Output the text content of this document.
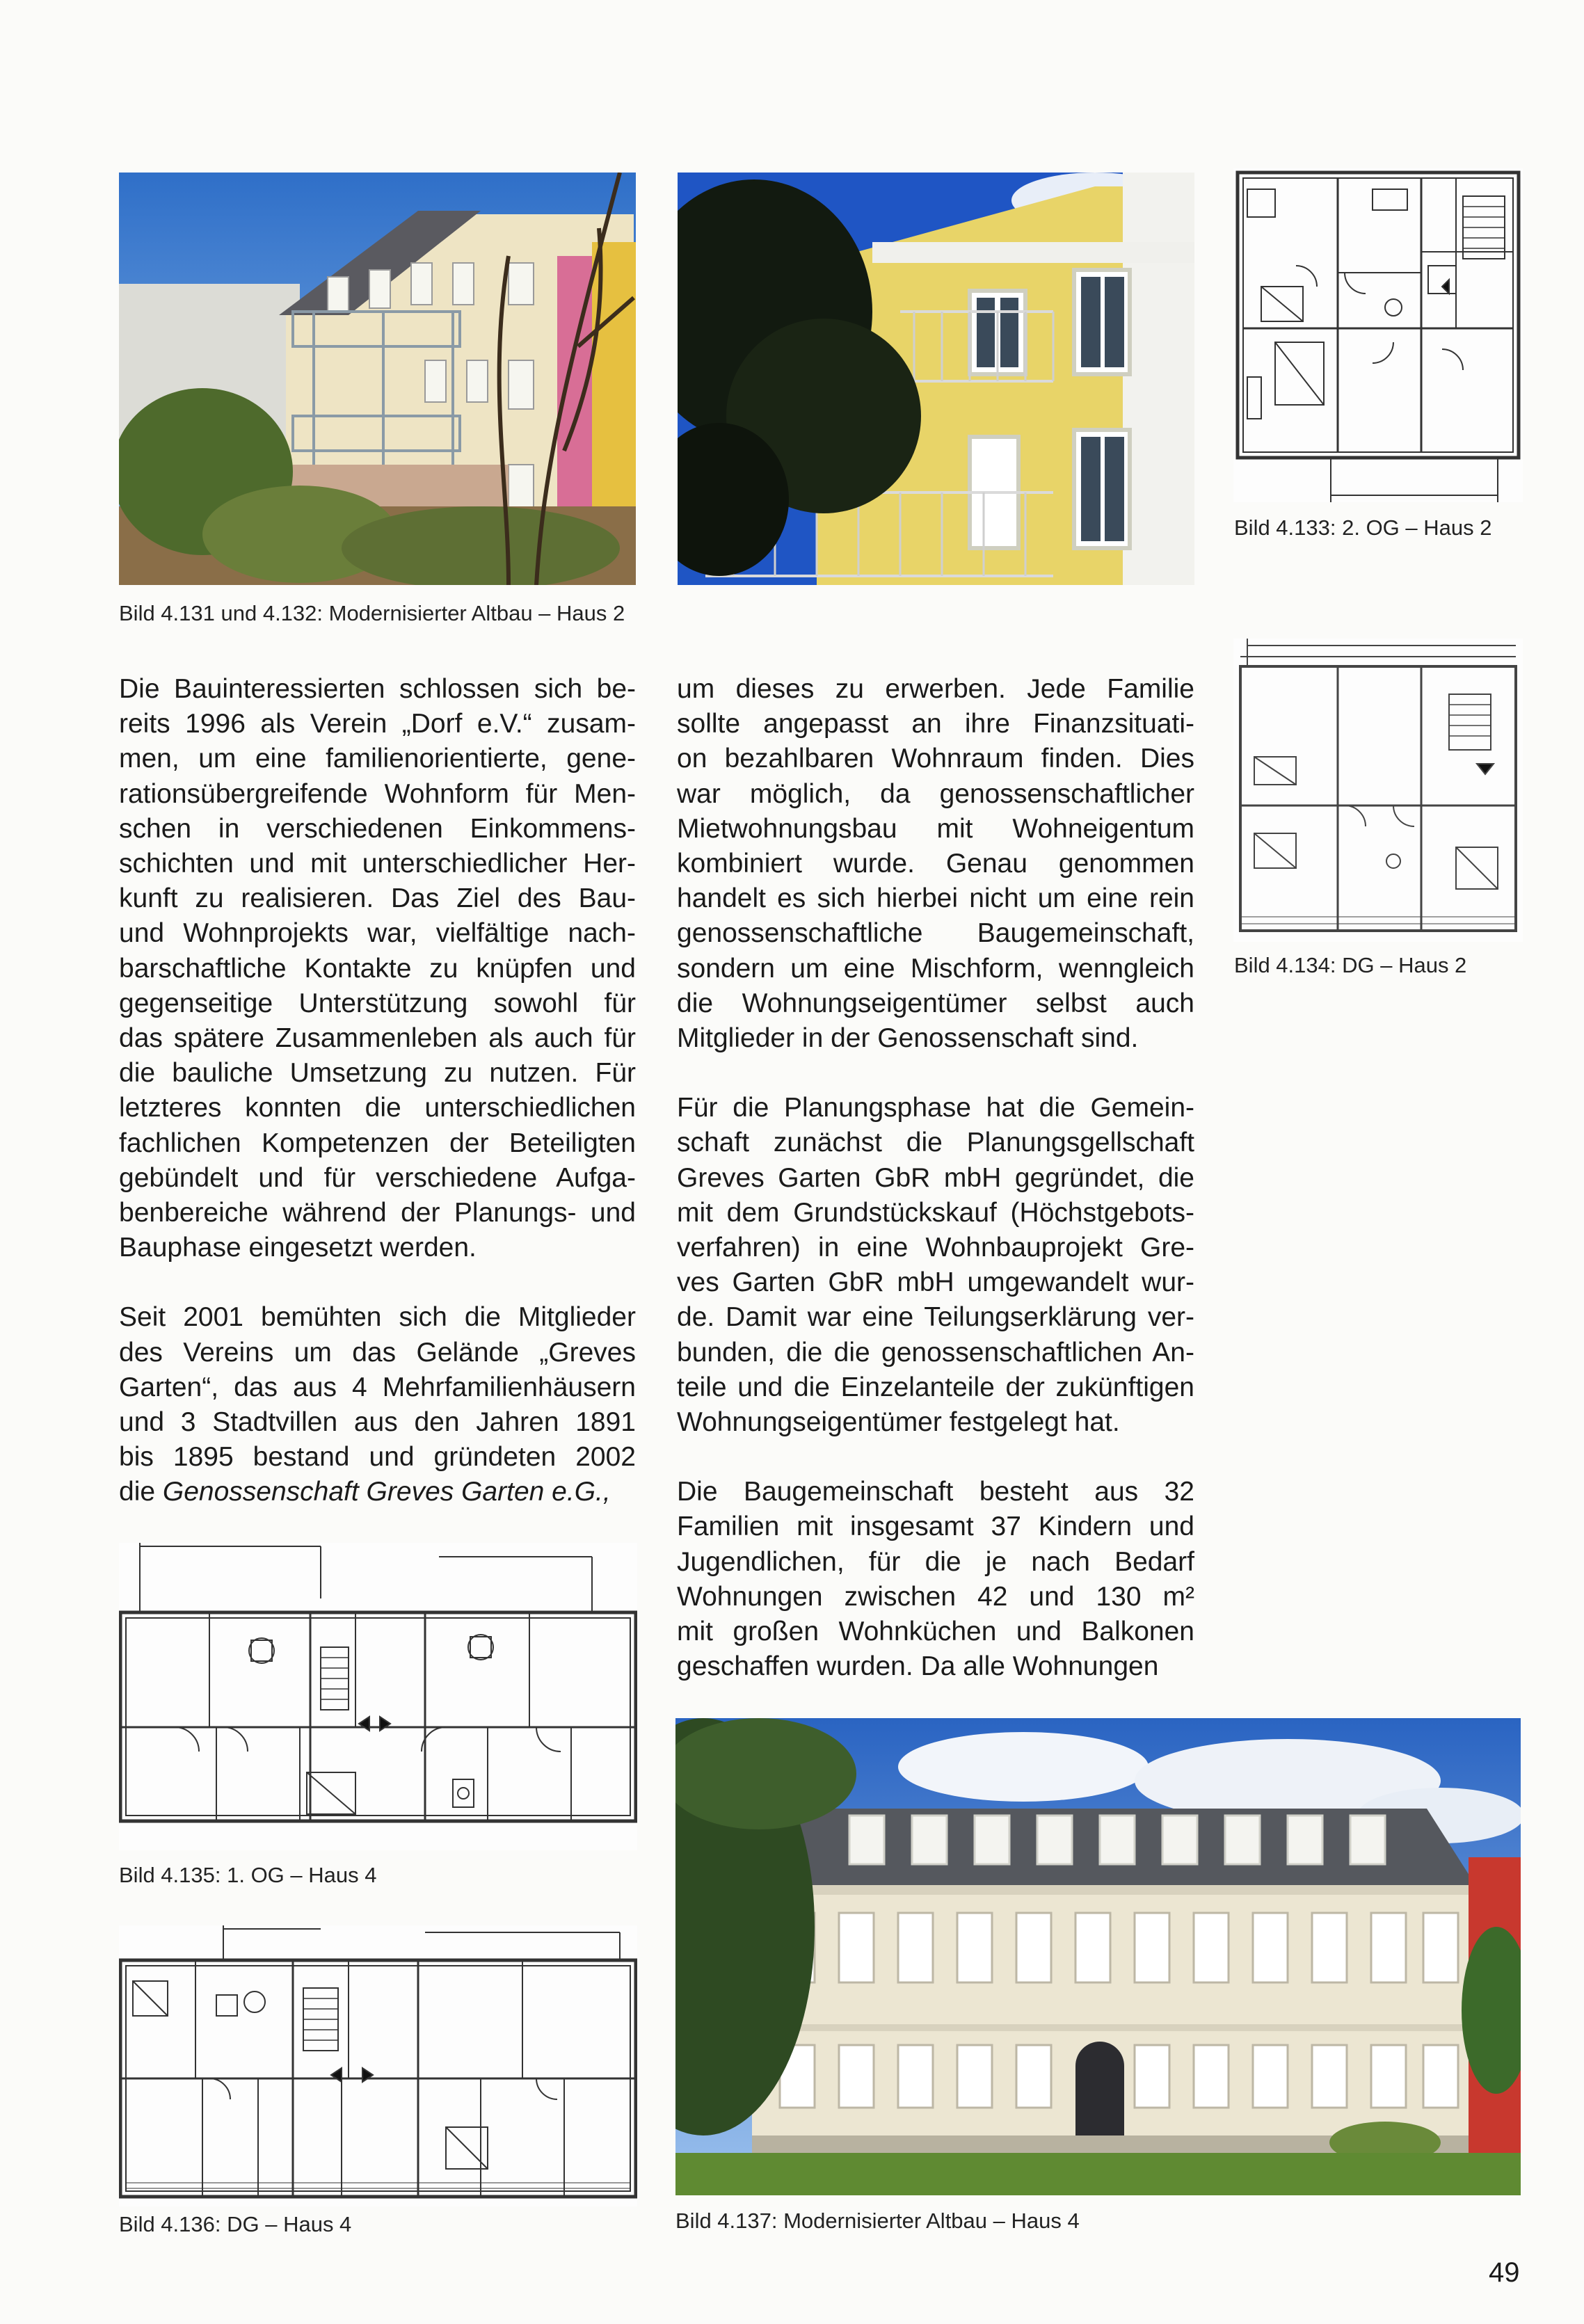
Bild 4.133: 2. OG – Haus 2
Bild 4.131 und 4.132: Modernisierter Altbau – Haus 2
Bild 4.134: DG – Haus 2

Die Bauinteressierten schlossen sich be-
reits 1996 als Verein „Dorf e.V.“ zusam-
men, um eine familienorientierte, gene-
rationsübergreifende Wohnform für Men-
schen in verschiedenen Einkommens-
schichten und mit unterschiedlicher Her-
kunft zu realisieren. Das Ziel des Bau-
und Wohnprojekts war, vielfältige nach-
barschaftliche Kontakte zu knüpfen und
gegenseitige Unterstützung sowohl für
das spätere Zusammenleben als auch für
die bauliche Umsetzung zu nutzen. Für
letzteres konnten die unterschiedlichen
fachlichen Kompetenzen der Beteiligten
gebündelt und für verschiedene Aufga-
benbereiche während der Planungs- und
Bauphase eingesetzt werden.

Seit 2001 bemühten sich die Mitglieder
des Vereins um das Gelände „Greves
Garten“, das aus 4 Mehrfamilienhäusern
und 3 Stadtvillen aus den Jahren 1891
bis 1895 bestand und gründeten 2002
die Genossenschaft Greves Garten e.G.,

um dieses zu erwerben. Jede Familie
sollte angepasst an ihre Finanzsituati-
on bezahlbaren Wohnraum finden. Dies
war möglich, da genossenschaftlicher
Mietwohnungsbau mit Wohneigentum
kombiniert wurde. Genau genommen
handelt es sich hierbei nicht um eine rein
genossenschaftliche Baugemeinschaft,
sondern um eine Mischform, wenngleich
die Wohnungseigentümer selbst auch
Mitglieder in der Genossenschaft sind.

Für die Planungsphase hat die Gemein-
schaft zunächst die Planungsgellschaft
Greves Garten GbR mbH gegründet, die
mit dem Grundstückskauf (Höchstgebots-
verfahren) in eine Wohnbauprojekt Gre-
ves Garten GbR mbH umgewandelt wur-
de. Damit war eine Teilungserklärung ver-
bunden, die die genossenschaftlichen An-
teile und die Einzelanteile der zukünftigen
Wohnungseigentümer festgelegt hat.

Die Baugemeinschaft besteht aus 32
Familien mit insgesamt 37 Kindern und
Jugendlichen, für die je nach Bedarf
Wohnungen zwischen 42 und 130 m²
mit großen Wohnküchen und Balkonen
geschaffen wurden. Da alle Wohnungen

Bild 4.135: 1. OG – Haus 4
Bild 4.136: DG – Haus 4	Bild 4.137: Modernisierter Altbau – Haus 4
49
